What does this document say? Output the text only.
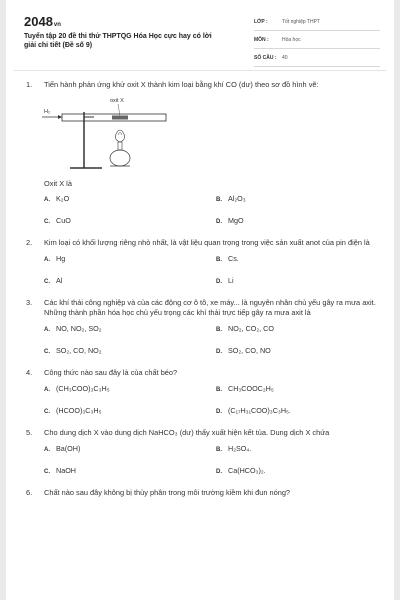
2048vn
Tuyển tập 20 đề thi thử THPTQG Hóa Học cực hay có lời giải chi tiết (Đề số 9)
LỚP :	Tốt nghiệp THPT
MÔN :	Hóa học
SỐ CÂU : 40

1. Tiến hành phản ứng khử oxit X thành kim loại bằng khí CO (dư) theo sơ đồ hình vẽ:

oxit X
H₂
Oxit X là
A. K₂O	B. Al₂O₃
C. CuO	D. MgO

2. Kim loại có khối lượng riêng nhỏ nhất, là vật liệu quan trọng trong việc sản xuất anot của pin điện là

A. Hg	B. Cs.
C. Al	D. Li

3. Các khí thải công nghiệp và của các động cơ ô tô, xe máy... là nguyên nhân chủ yếu gây ra mưa axit. Những thành phần hóa học chủ yếu trọng các khí thải trực tiếp gây ra mưa axit là

A. NO, NO₂, SO₂	B. NO₂, CO₂, CO
C. SO₂, CO, NO₂	D. SO₂, CO, NO

4. Công thức nào sau đây là của chất béo?

A. (CH₃COO)₃C₃H₅	B. CH₃COOC₂H₅
C. (HCOO)₃C₃H₅	D. (C₁₇H₃₁COO)₃C₃H₅.

5. Cho dung dịch X vào dung dịch NaHCO₃ (dư) thấy xuất hiện kết tủa. Dung dịch X chứa

A. Ba(OH)	B. H₂SO₄.
C. NaOH	D. Ca(HCO₃)₂.

6. Chất nào sau đây không bị thủy phân trong môi trường kiềm khi đun nóng?
